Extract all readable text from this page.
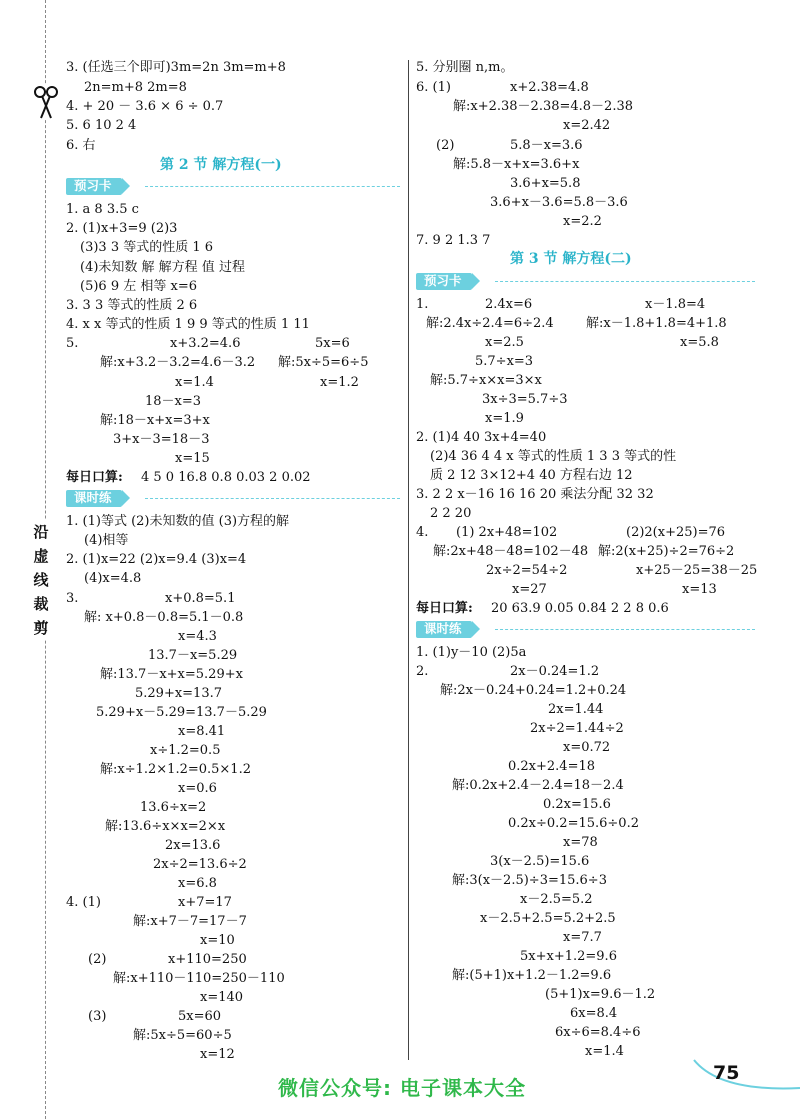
沿虚线裁剪
3. (任选三个即可)3m=2n 3m=m+8
2n=m+8 2m=8
4. + 20 － 3.6 × 6 ÷ 0.7
5. 6 10 2 4
6. 右
第 2 节 解方程(一)
预习卡
1. a 8 3.5 c
2. (1)x+3=9 (2)3
(3)3 3 等式的性质 1 6
(4)未知数 解 解方程 值 过程
(5)6 9 左 相等 x=6
3. 3 3 等式的性质 2 6
4. x x 等式的性质 1 9 9 等式的性质 1 11
5.	x+3.2=4.6	5x=6
解:x+3.2－3.2=4.6－3.2 解:5x÷5=6÷5
x=1.4	x=1.2
18－x=3
解:18－x+x=3+x
3+x－3=18－3
x=15
每日口算: 4 5 0 16.8 0.8 0.03 2 0.02
课时练
1. (1)等式 (2)未知数的值 (3)方程的解
(4)相等
2. (1)x=22 (2)x=9.4 (3)x=4
(4)x=4.8
3.	x+0.8=5.1
解: x+0.8－0.8=5.1－0.8
x=4.3
13.7－x=5.29
解:13.7－x+x=5.29+x
5.29+x=13.7
5.29+x－5.29=13.7－5.29
x=8.41
x÷1.2=0.5
解:x÷1.2×1.2=0.5×1.2
x=0.6
13.6÷x=2
解:13.6÷x×x=2×x
2x=13.6
2x÷2=13.6÷2
x=6.8
4. (1)	x+7=17
解:x+7－7=17－7
x=10
(2)	x+110=250
解:x+110－110=250－110
x=140
(3)	5x=60
解:5x÷5=60÷5
x=12
5. 分别圈 n,m。
6. (1)	x+2.38=4.8
解:x+2.38－2.38=4.8－2.38
x=2.42
(2)	5.8－x=3.6
解:5.8－x+x=3.6+x
3.6+x=5.8
3.6+x－3.6=5.8－3.6
x=2.2
7. 9 2 1.3 7
第 3 节 解方程(二)
预习卡
1.	2.4x=6	x－1.8=4
解:2.4x÷2.4=6÷2.4 解:x－1.8+1.8=4+1.8
x=2.5	x=5.8
5.7÷x=3
解:5.7÷x×x=3×x
3x÷3=5.7÷3
x=1.9
2. (1)4 40 3x+4=40
(2)4 36 4 4 x 等式的性质 1 3 3 等式的性
质 2 12 3×12+4 40 方程右边 12
3. 2 2 x－16 16 16 20 乘法分配 32 32
2 2 20
4. (1) 2x+48=102	(2)2(x+25)=76
解:2x+48－48=102－48 解:2(x+25)÷2=76÷2
2x÷2=54÷2	x+25－25=38－25
x=27	x=13
每日口算: 20 63.9 0.05 0.84 2 2 8 0.6
课时练
1. (1)y－10 (2)5a
2.	2x－0.24=1.2
解:2x－0.24+0.24=1.2+0.24
2x=1.44
2x÷2=1.44÷2
x=0.72
0.2x+2.4=18
解:0.2x+2.4－2.4=18－2.4
0.2x=15.6
0.2x÷0.2=15.6÷0.2
x=78
3(x－2.5)=15.6
解:3(x－2.5)÷3=15.6÷3
x－2.5=5.2
x－2.5+2.5=5.2+2.5
x=7.7
5x+x+1.2=9.6
解:(5+1)x+1.2－1.2=9.6
(5+1)x=9.6－1.2
6x=8.4
6x÷6=8.4÷6
x=1.4
75
微信公众号: 电子课本大全
